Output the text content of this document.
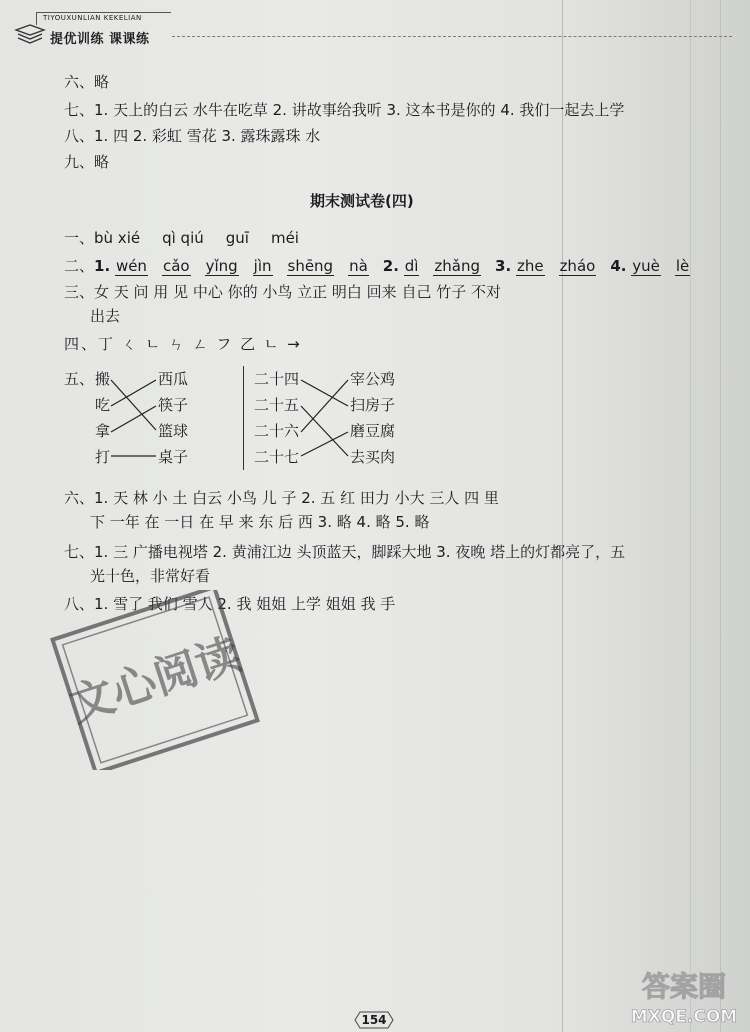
TIYOUXUNLIAN KEKELIAN
提优训练 课课练
六、略
七、1. 天上的白云 水牛在吃草 2. 讲故事给我听 3. 这本书是你的 4. 我们一起去上学
八、1. 四 2. 彩虹 雪花 3. 露珠露珠 水
九、略
期末测试卷(四)
一、bù xié qì qiú guī méi
二、1. wén cǎo yǐng jìn shēng nà 2. dì zhǎng 3. zhe zháo 4. yuè lè
三、女 天 问 用 见 中心 你的 小鸟 立正 明白 回来 自己 竹子 不对
出去
四、丁 ㄑ ㄴ ㄣ ㄥ フ 乙 ㄴ →
五、 搬
吃
拿
打
西瓜
筷子
篮球
桌子
二十四
二十五
二十六
二十七
宰公鸡
扫房子
磨豆腐
去买肉
六、1. 天 林 小 土 白云 小鸟 儿 子 2. 五 红 田力 小大 三人 四 里
下 一年 在 一日 在 早 来 东 后 西 3. 略 4. 略 5. 略
七、1. 三 广播电视塔 2. 黄浦江边 头顶蓝天，脚踩大地 3. 夜晚 塔上的灯都亮了，五
光十色，非常好看
八、1. 雪了 我们 雪人 2. 我 姐姐 上学 姐姐 我 手
文心阅读
154
答案圈
MXQE.COM
